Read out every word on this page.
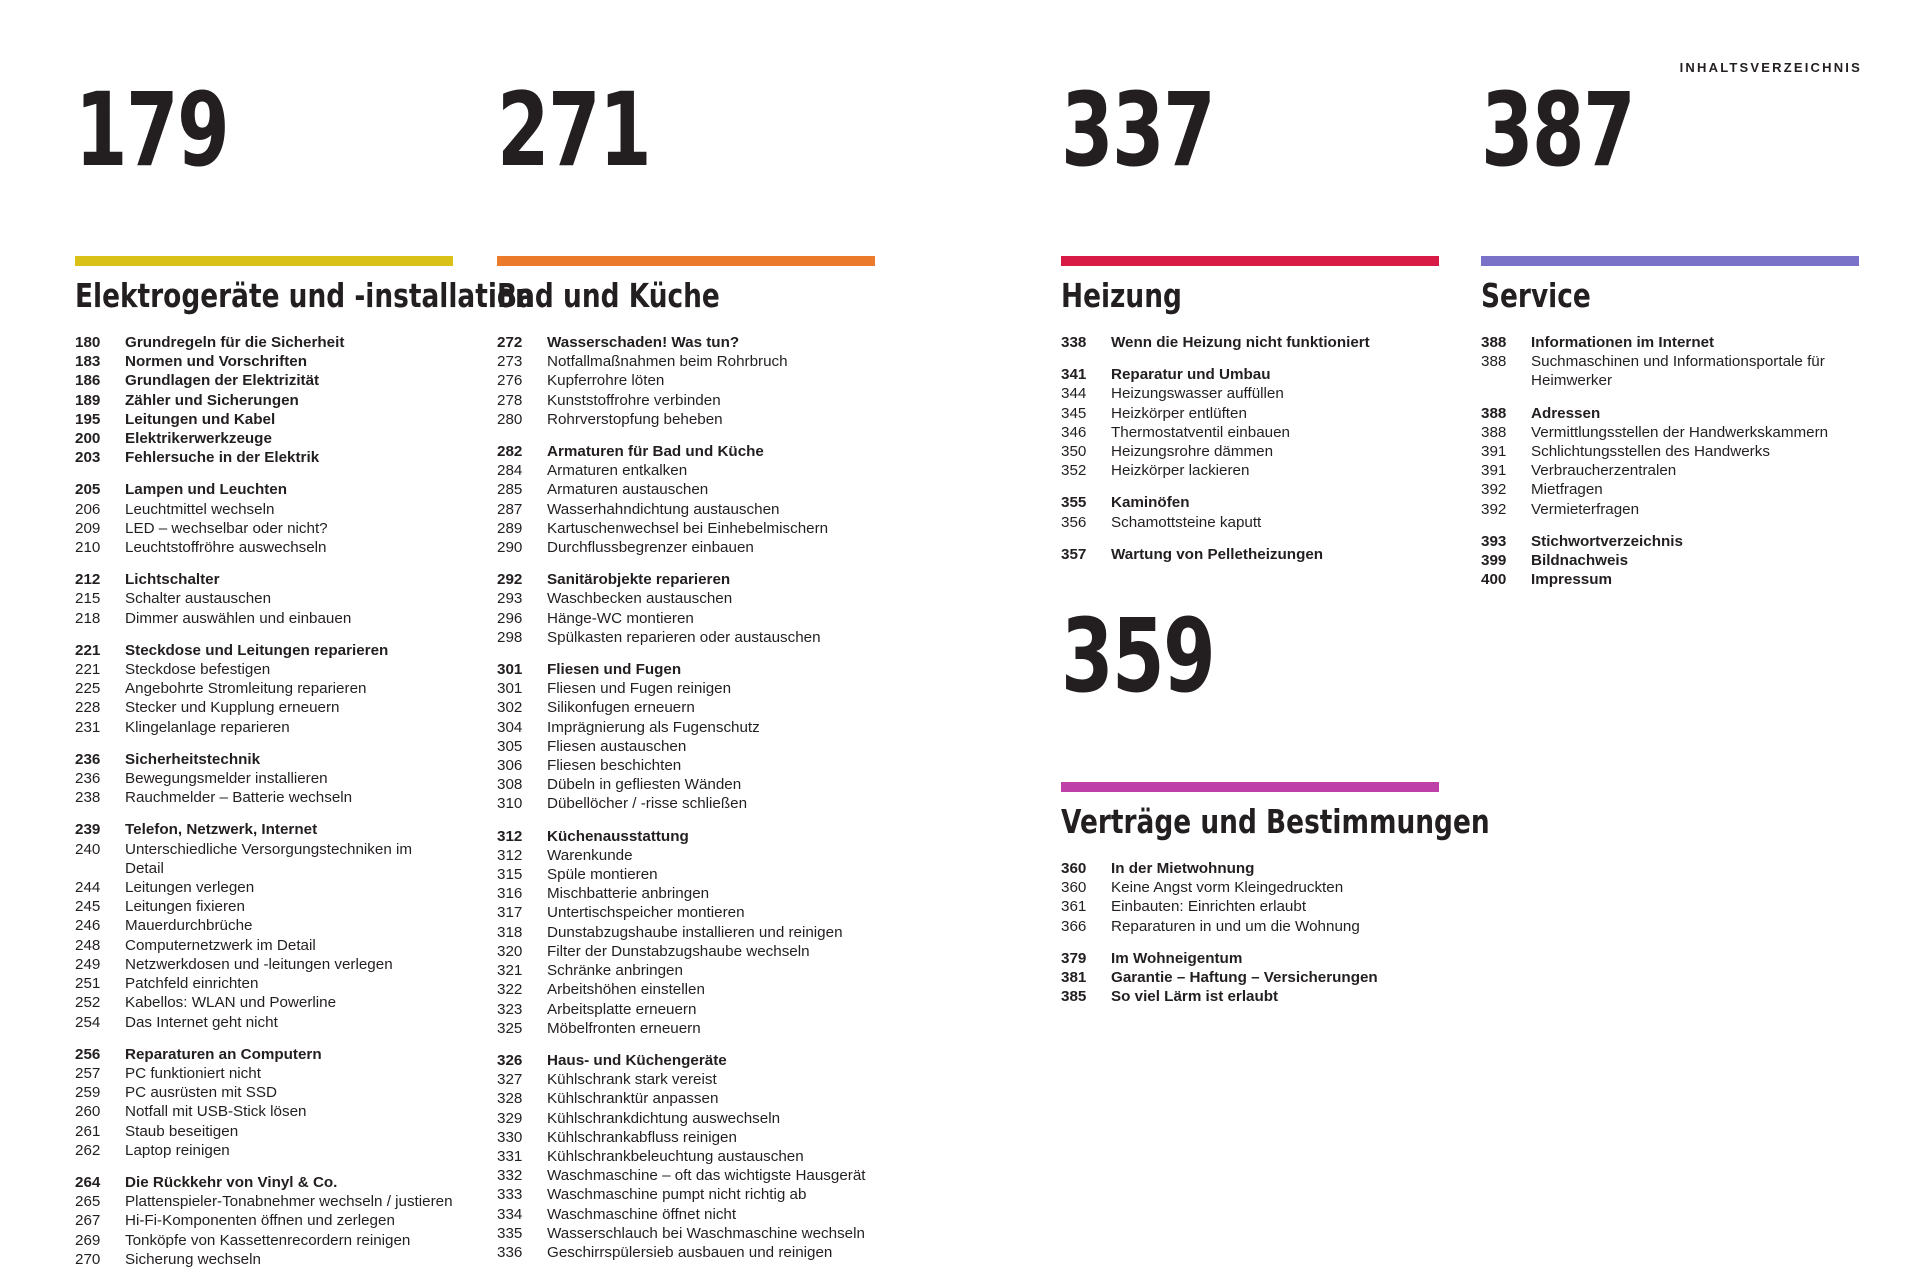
INHALTSVERZEICHNIS
179
Elektrogeräte und -installation
180	Grundregeln für die Sicherheit
183	Normen und Vorschriften
186	Grundlagen der Elektrizität
189	Zähler und Sicherungen
195	Leitungen und Kabel
200	Elektrikerwerkzeuge
203	Fehlersuche in der Elektrik
205	Lampen und Leuchten
206	Leuchtmittel wechseln
209	LED – wechselbar oder nicht?
210	Leuchtstoffröhre auswechseln
212	Lichtschalter
215	Schalter austauschen
218	Dimmer auswählen und einbauen
221	Steckdose und Leitungen reparieren
221	Steckdose befestigen
225	Angebohrte Stromleitung reparieren
228	Stecker und Kupplung erneuern
231	Klingelanlage reparieren
236	Sicherheitstechnik
236	Bewegungsmelder installieren
238	Rauchmelder – Batterie wechseln
239	Telefon, Netzwerk, Internet
240	Unterschiedliche Versorgungstechniken im Detail
244	Leitungen verlegen
245	Leitungen fixieren
246	Mauerdurchbrüche
248	Computernetzwerk im Detail
249	Netzwerkdosen und -leitungen verlegen
251	Patchfeld einrichten
252	Kabellos: WLAN und Powerline
254	Das Internet geht nicht
256	Reparaturen an Computern
257	PC funktioniert nicht
259	PC ausrüsten mit SSD
260	Notfall mit USB-Stick lösen
261	Staub beseitigen
262	Laptop reinigen
264	Die Rückkehr von Vinyl & Co.
265	Plattenspieler-Tonabnehmer wechseln / justieren
267	Hi-Fi-Komponenten öffnen und zerlegen
269	Tonköpfe von Kassettenrecordern reinigen
270	Sicherung wechseln
271
Bad und Küche
272	Wasserschaden! Was tun?
273	Notfallmaßnahmen beim Rohrbruch
276	Kupferrohre löten
278	Kunststoffrohre verbinden
280	Rohrverstopfung beheben
282	Armaturen für Bad und Küche
284	Armaturen entkalken
285	Armaturen austauschen
287	Wasserhahndichtung austauschen
289	Kartuschenwechsel bei Einhebelmischern
290	Durchflussbegrenzer einbauen
292	Sanitärobjekte reparieren
293	Waschbecken austauschen
296	Hänge-WC montieren
298	Spülkasten reparieren oder austauschen
301	Fliesen und Fugen
301	Fliesen und Fugen reinigen
302	Silikonfugen erneuern
304	Imprägnierung als Fugenschutz
305	Fliesen austauschen
306	Fliesen beschichten
308	Dübeln in gefliesten Wänden
310	Dübellöcher / -risse schließen
312	Küchenausstattung
312	Warenkunde
315	Spüle montieren
316	Mischbatterie anbringen
317	Untertischspeicher montieren
318	Dunstabzugshaube installieren und reinigen
320	Filter der Dunstabzugshaube wechseln
321	Schränke anbringen
322	Arbeitshöhen einstellen
323	Arbeitsplatte erneuern
325	Möbelfronten erneuern
326	Haus- und Küchengeräte
327	Kühlschrank stark vereist
328	Kühlschranktür anpassen
329	Kühlschrankdichtung auswechseln
330	Kühlschrankabfluss reinigen
331	Kühlschrankbeleuchtung austauschen
332	Waschmaschine – oft das wichtigste Hausgerät
333	Waschmaschine pumpt nicht richtig ab
334	Waschmaschine öffnet nicht
335	Wasserschlauch bei Waschmaschine wechseln
336	Geschirrspülersieb ausbauen und reinigen
337
Heizung
338	Wenn die Heizung nicht funktioniert
341	Reparatur und Umbau
344	Heizungswasser auffüllen
345	Heizkörper entlüften
346	Thermostatventil einbauen
350	Heizungsrohre dämmen
352	Heizkörper lackieren
355	Kaminöfen
356	Schamottsteine kaputt
357	Wartung von Pelletheizungen
359
Verträge und Bestimmungen
360	In der Mietwohnung
360	Keine Angst vorm Kleingedruckten
361	Einbauten: Einrichten erlaubt
366	Reparaturen in und um die Wohnung
379	Im Wohneigentum
381	Garantie – Haftung – Versicherungen
385	So viel Lärm ist erlaubt
387
Service
388	Informationen im Internet
388	Suchmaschinen und Informationsportale für Heimwerker
388	Adressen
388	Vermittlungsstellen der Handwerkskammern
391	Schlichtungsstellen des Handwerks
391	Verbraucherzentralen
392	Mietfragen
392	Vermieterfragen
393	Stichwortverzeichnis
399	Bildnachweis
400	Impressum
